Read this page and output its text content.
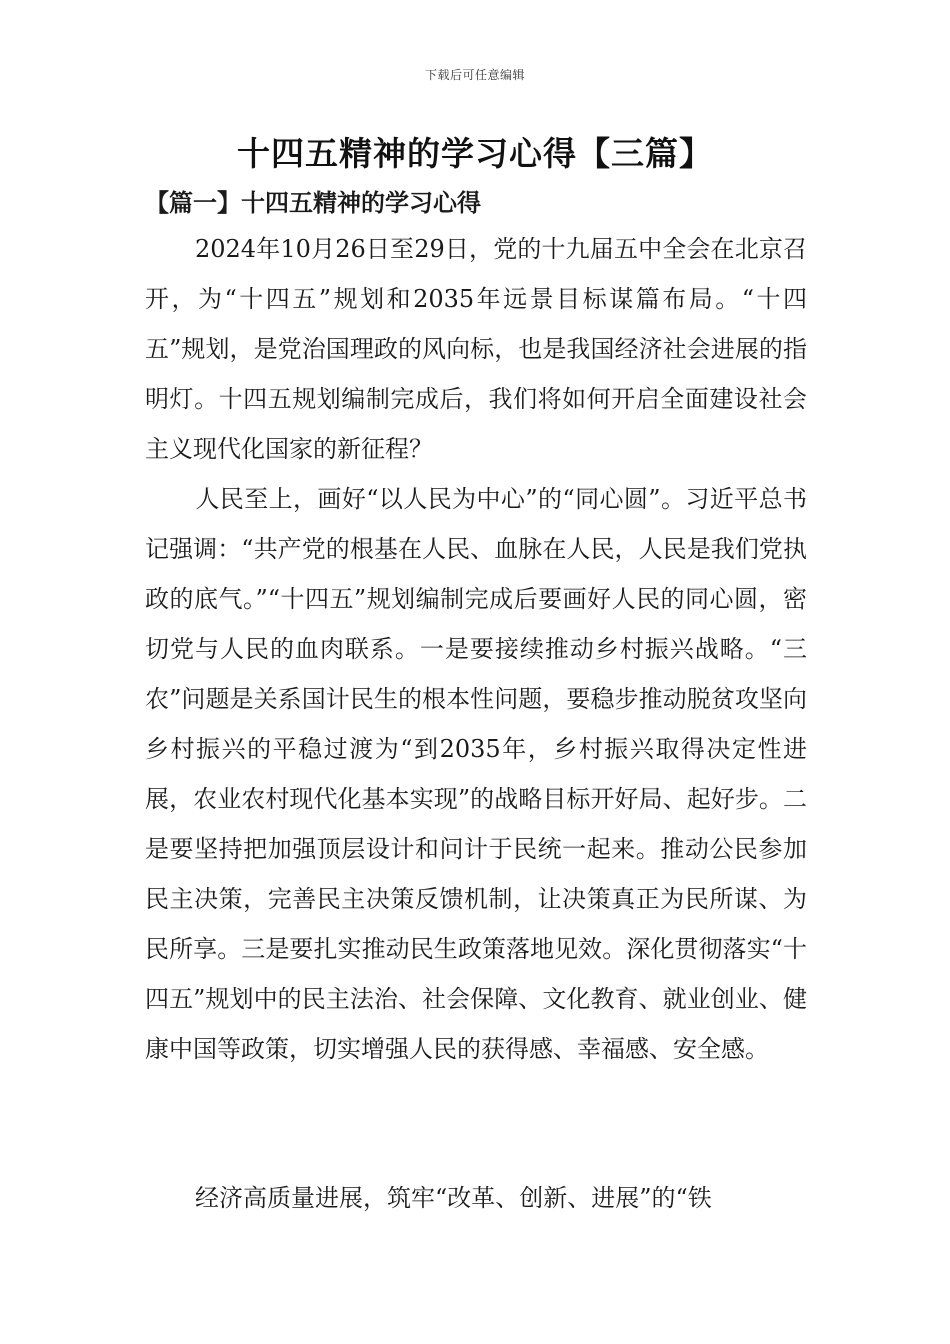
下载后可任意编辑
十四五精神的学习心得【三篇】
【篇一】十四五精神的学习心得

2024年10月26日至29日，党的十九届五中全会在北京召开，为“十四五”规划和2035年远景目标谋篇布局。“十四五”规划，是党治国理政的风向标，也是我国经济社会进展的指明灯。十四五规划编制完成后，我们将如何开启全面建设社会主义现代化国家的新征程？

人民至上，画好“以人民为中心”的“同心圆”。习近平总书记强调：“共产党的根基在人民、血脉在人民，人民是我们党执政的底气。”“十四五”规划编制完成后要画好人民的同心圆，密切党与人民的血肉联系。一是要接续推动乡村振兴战略。“三农”问题是关系国计民生的根本性问题，要稳步推动脱贫攻坚向乡村振兴的平稳过渡为“到2035年，乡村振兴取得决定性进展，农业农村现代化基本实现”的战略目标开好局、起好步。二是要坚持把加强顶层设计和问计于民统一起来。推动公民参加民主决策，完善民主决策反馈机制，让决策真正为民所谋、为民所享。三是要扎实推动民生政策落地见效。深化贯彻落实“十四五”规划中的民主法治、社会保障、文化教育、就业创业、健康中国等政策，切实增强人民的获得感、幸福感、安全感。

经济高质量进展，筑牢“改革、创新、进展”的“铁
